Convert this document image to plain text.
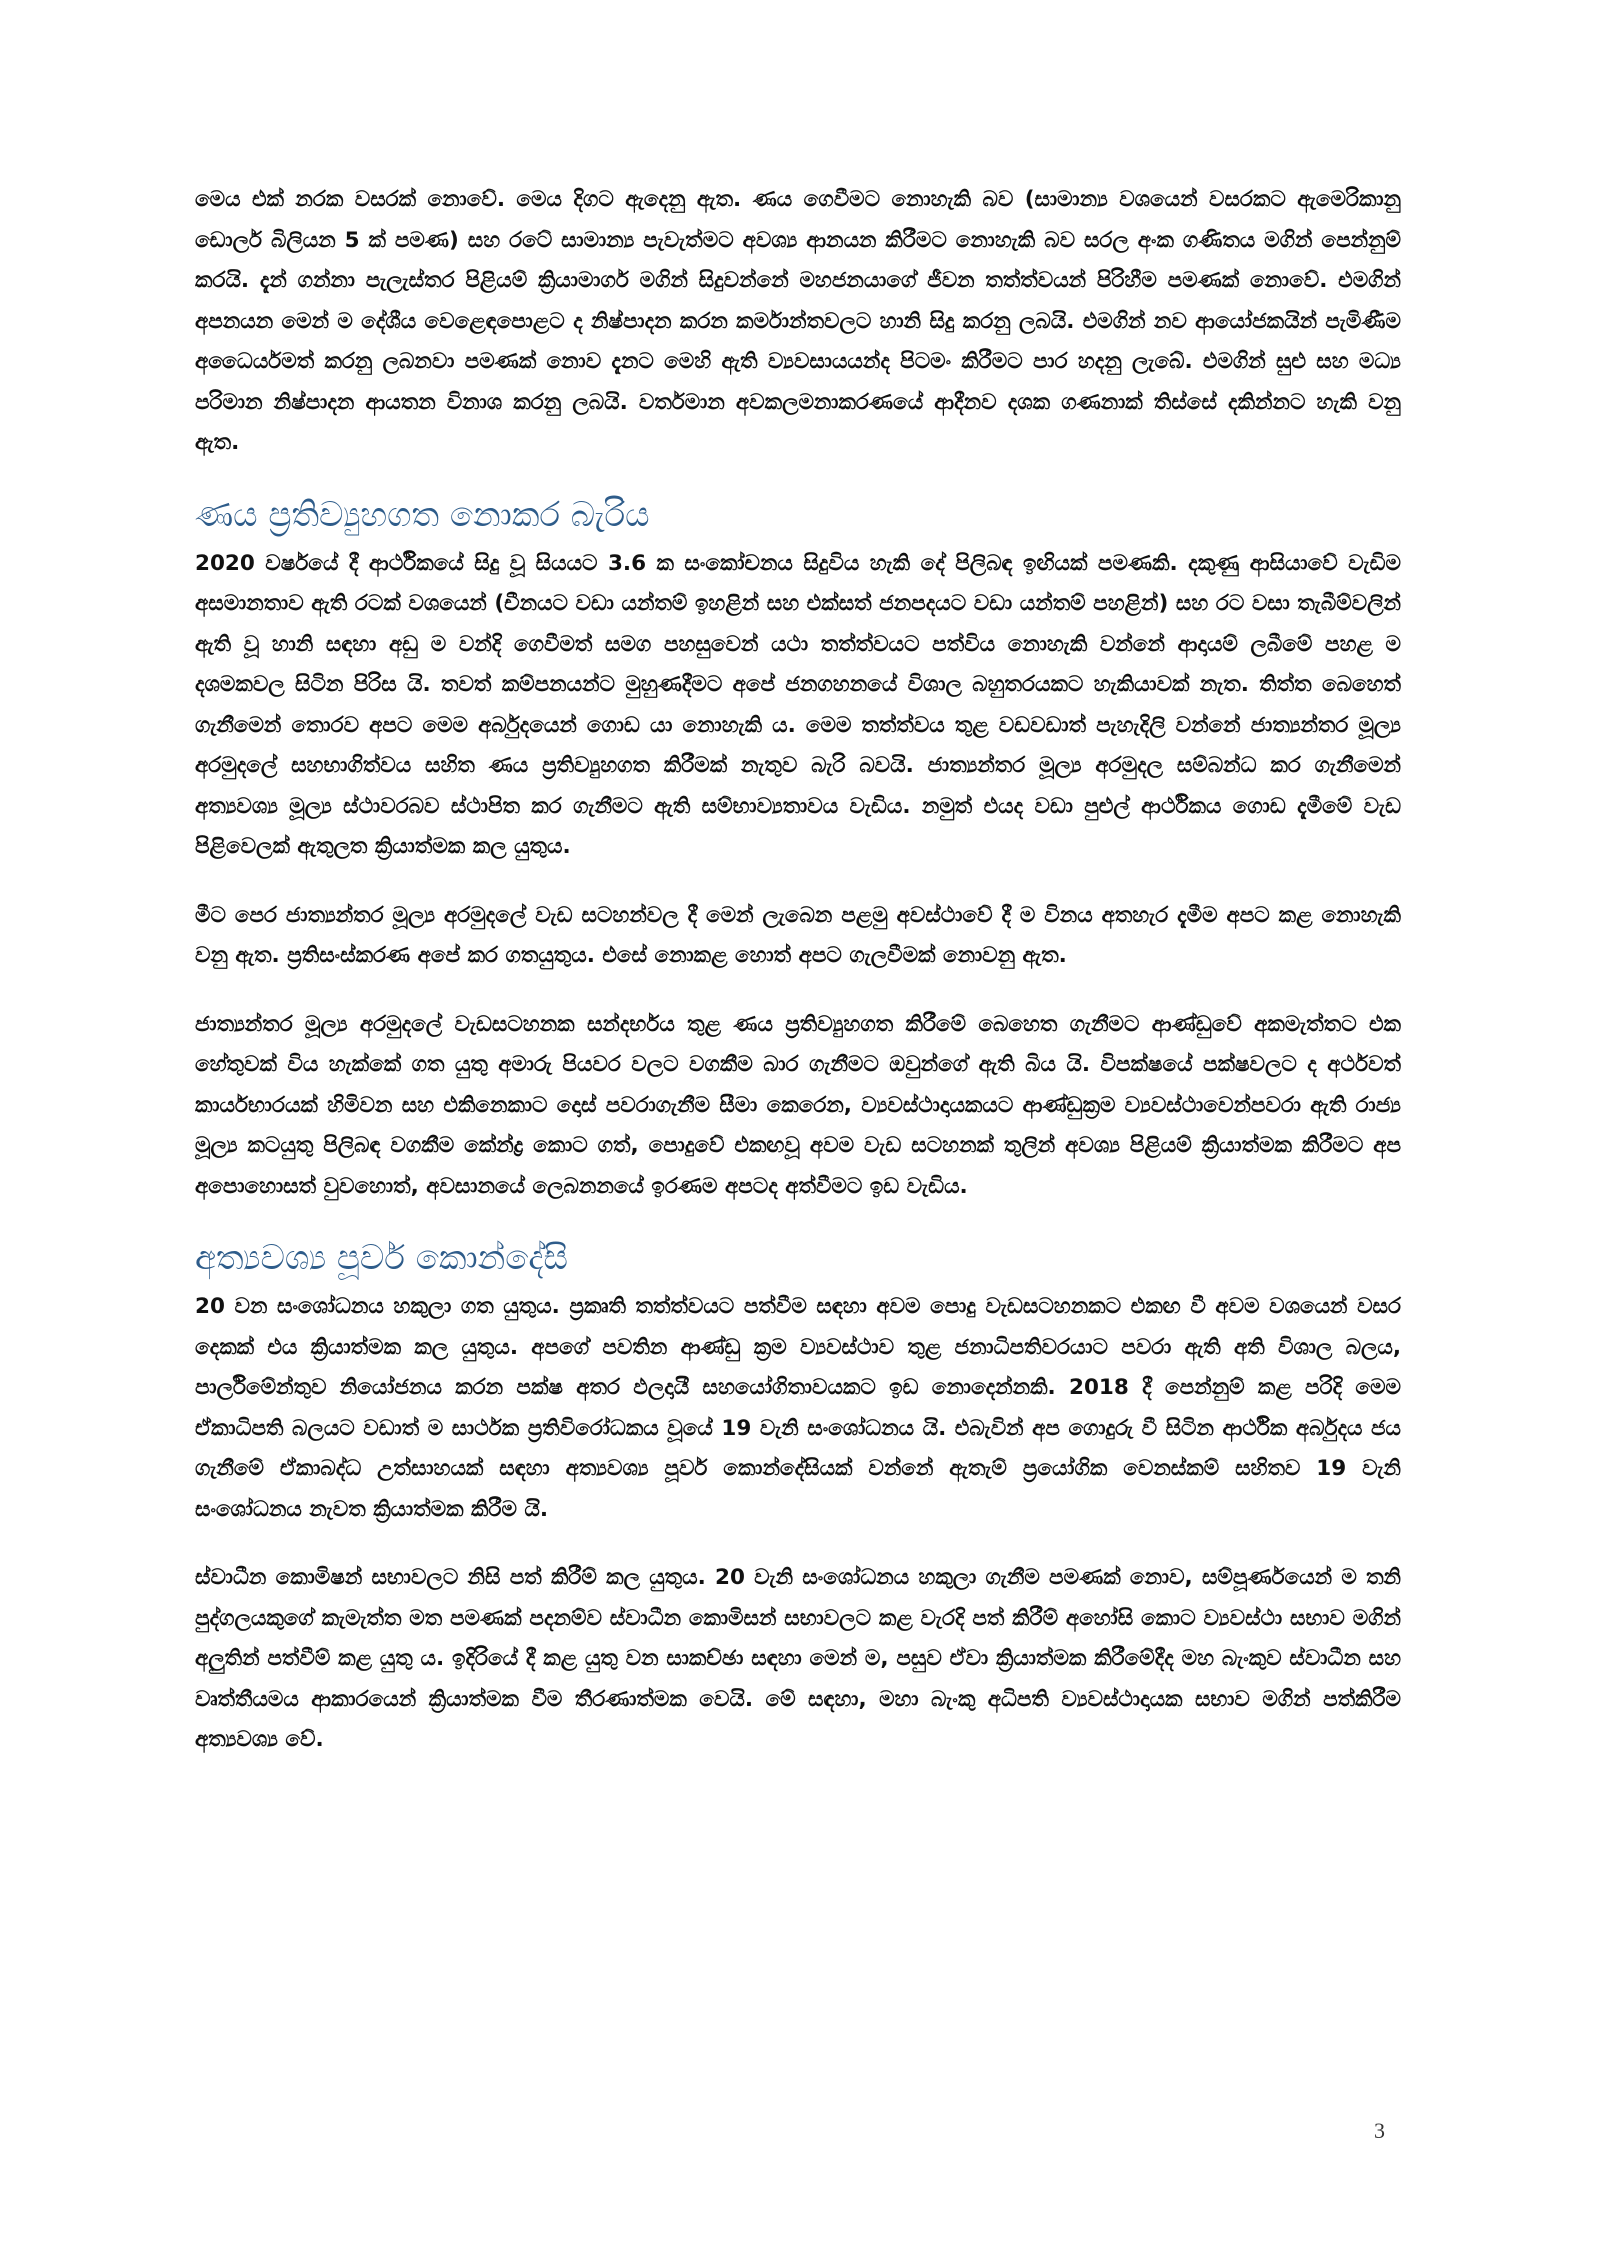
මෙය එක් නරක වසරක් නොවේ. මෙය දිගට ඇදෙනු ඇත. ණය ගෙවීමට නොහැකි බව (සාමාන්‍ය වශයෙන් වසරකට ඇමෙරිකානු ඩොලර් බිලියන 5 ක් පමණ) සහ රටේ සාමාන්‍ය පැවැත්මට අවශ්‍ය ආනයන කිරීමට නොහැකි බව සරල අංක ගණිතය මගින් පෙන්නුම් කරයි. දැන් ගන්නා පැලැස්තර පිළියම් ක්‍රියාමාර්ග මගින් සිදුවන්නේ මහජනයාගේ ජීවන තත්ත්වයන් පිරිහීම පමණක් නොවේ. එමගින් අපනයන මෙන් ම දේශීය වෙළෙඳපොළට ද නිෂ්පාදන කරන කර්මාන්තවලට හානි සිදු කරනු ලබයි. එමගින් නව ආයෝජකයින් පැමිණීම අධෛර්යමත් කරනු ලබනවා පමණක් නොව දැනට මෙහි ඇති ව්‍යවසායයන්ද පිටමං කිරීමට පාර හදනු ලැබේ. එමගින් සුළු සහ මධ්‍ය පරිමාන නිෂ්පාදන ආයතන විනාශ කරනු ලබයි. වර්තමාන අවකලමනාකරණයේ ආදීනව දශක ගණනාක් තිස්සේ දකින්නට හැකි වනු ඇත.

ණය ප්‍රතිව්‍යුහගත නොකර බැරිය

2020 වර්ෂයේ දී ආර්ථිකයේ සිදු වූ සියයට 3.6 ක සංකෝචනය සිදුවිය හැකි දේ පිලිබඳ ඉඟියක් පමණකි. දකුණු ආසියාවේ වැඩිම අසමානතාව ඇති රටක් වශයෙන් (චීනයට වඩා යන්තම් ඉහළින් සහ එක්සත් ජනපදයට වඩා යන්තම් පහළින්) සහ රට වසා තැබීම්වලින් ඇති වූ හානි සඳහා අඩු ම වන්දි ගෙවීමත් සමග පහසුවෙන් යථා තත්ත්වයට පත්විය නොහැකි වන්නේ ආදායම් ලබීමේ පහළ ම දශමකවල සිටින පිරිස යි. තවත් කම්පනයන්ට මුහුණදීමට අපේ ජනගහනයේ විශාල බහුතරයකට හැකියාවක් නැත. තිත්ත බෙහෙත් ගැනීමෙන් තොරව අපට මෙම අර්බුදයෙන් ගොඩ යා නොහැකි ය. මෙම තත්ත්වය තුළ වඩවඩාත් පැහැදිලි වන්නේ ජාත්‍යන්තර මූල්‍ය අරමුදලේ සහභාගිත්වය සහිත ණය ප්‍රතිව්‍යුහගත කිරීමක් නැතුව බැරි බවයි. ජාත්‍යන්තර මූල්‍ය අරමුදල සම්බන්ධ කර ගැනීමෙන් අත්‍යවශ්‍ය මූල්‍ය ස්ථාවරබව ස්ථාපිත කර ගැනීමට ඇති සම්භාව්‍යතාවය වැඩිය. නමුත් එයද වඩා පුළුල් ආර්ථිකය ගොඩ දැමීමේ වැඩ පිළිවෙලක් ඇතුලත ක්‍රියාත්මක කල යුතුය.

මීට පෙර ජාත්‍යන්තර මූල්‍ය අරමුදලේ වැඩ සටහන්වල දී මෙන් ලැබෙන පළමු අවස්ථාවේ දී ම විනය අතහැර දැමීම අපට කළ නොහැකි වනු ඇත. ප්‍රතිසංස්කරණ අපේ කර ගතයුතුය. එසේ නොකළ හොත් අපට ගැලවීමක් නොවනු ඇත.

ජාත්‍යන්තර මූල්‍ය අරමුදලේ වැඩසටහනක සන්දර්භය තුළ ණය ප්‍රතිව්‍යුහගත කිරීමේ බෙහෙත ගැනීමට ආණ්ඩුවේ අකමැත්තට එක හේතුවක් විය හැක්කේ ගත යුතු අමාරු පියවර වලට වගකීම බාර ගැනීමට ඔවුන්ගේ ඇති බිය යි. විපක්ෂයේ පක්ෂවලට ද අර්ථවත් කාර්යභාරයක් හිමිවන සහ එකිනෙකාට දොස් පවරාගැනීම සීමා කෙරෙන, ව්‍යවස්ථාදායකයට ආණ්ඩුක්‍රම ව්‍යවස්ථාවෙන්පවරා ඇති රාජ්‍ය මූල්‍ය කටයුතු පිලිබඳ වගකීම කේන්ද්‍ර කොට ගත්, පොදුවේ එකඟවූ අවම වැඩ සටහනක් තුලින් අවශ්‍ය පිළියම් ක්‍රියාත්මක කිරීමට අප අපොහොසත් වුවහොත්, අවසානයේ ලෙබනනයේ ඉරණම අපටද අත්වීමට ඉඩ වැඩිය.

අත්‍යවශ්‍ය පූර්ව කොන්දේසි

20 වන සංශෝධනය හකුලා ගත යුතුය. ප්‍රකෘති තත්ත්වයට පත්වීම සඳහා අවම පොදු වැඩසටහනකට එකඟ වී අවම වශයෙන් වසර දෙකක් එය ක්‍රියාත්මක කල යුතුය. අපගේ පවතින ආණ්ඩු ක්‍රම ව්‍යවස්ථාව තුළ ජනාධිපතිවරයාට පවරා ඇති අති විශාල බලය, පාර්ලිමේන්තුව නියෝජනය කරන පක්ෂ අතර ඵලදායී සහයෝගිතාවයකට ඉඩ නොදෙන්නකි. 2018 දී පෙන්නුම් කළ පරිදි මෙම ඒකාධිපති බලයට වඩාත් ම සාර්ථක ප්‍රතිවිරෝධකය වූයේ 19 වැනි සංශෝධනය යි. එබැවින් අප ගොදුරු වී සිටින ආර්ථික අර්බුදය ජය ගැනීමේ ඒකාබද්ධ උත්සාහයක් සඳහා අත්‍යවශ්‍ය පූර්ව කොන්දේසියක් වන්නේ ඇතැම් ප්‍රයෝගික වෙනස්කම් සහිතව 19 වැනි සංශෝධනය නැවත ක්‍රියාත්මක කිරීම යි.

ස්වාධීන කොමිෂන් සභාවලට නිසි පත් කිරීම් කල යුතුය. 20 වැනි සංශෝධනය හකුලා ගැනීම පමණක් නොව, සම්පූර්ණයෙන් ම තනි පුද්ගලයකුගේ කැමැත්ත මත පමණක් පදනම්ව ස්වාධීන කොමිසන් සභාවලට කළ වැරදි පත් කිරීම් අහෝසි කොට ව්‍යවස්ථා සභාව මගින් අලුතින් පත්වීම් කළ යුතු ය. ඉදිරියේ දී කළ යුතු වන සාකච්ඡා සඳහා මෙන් ම, පසුව ඒවා ක්‍රියාත්මක කිරීමේදීද මහ බැංකුව ස්වාධීන සහ වෘත්තීයමය ආකාරයෙන් ක්‍රියාත්මක වීම තීරණාත්මක වෙයි. මේ සඳහා, මහා බැංකු අධිපති ව්‍යවස්ථාදායක සභාව මගින් පත්කිරීම අත්‍යවශ්‍ය වේ.

3
